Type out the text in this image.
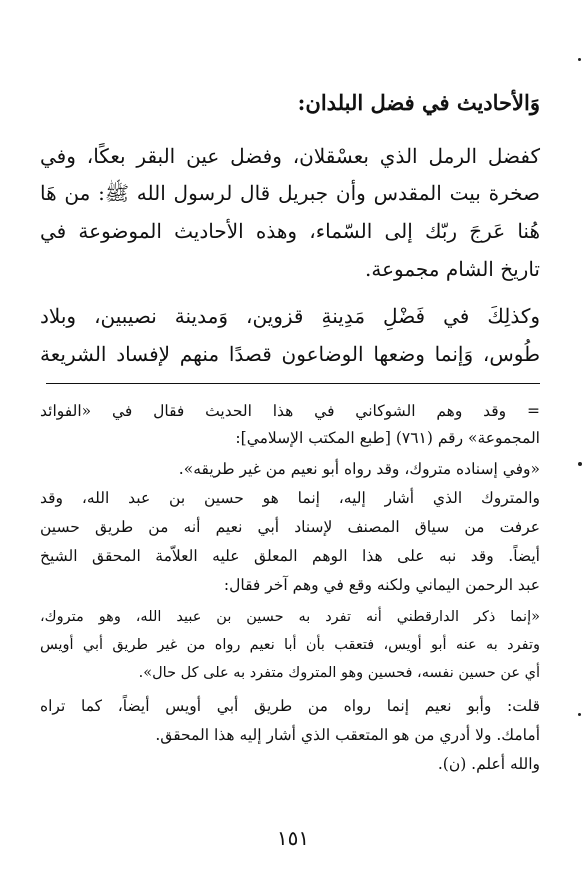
وَالأحاديث في فضل البلدان:
كفضل الرمل الذي بعسْقلان، وفضل عين البقر بعكًا، وفي
صخرة بيت المقدس وأن جبريل قال لرسول الله ﷺ: من هَا
هُنا عَرجَ ربّك إلى السّماء، وهذه الأحاديث الموضوعة في
تاريخ الشام مجموعة.
وكذلِكَ في فَضْلِ مَدِينةِ قزوين، وَمدينة نصيبين، وبلاد
طُوس، وَإنما وضعها الوضاعون قصدًا منهم لإفساد الشريعة
= وقد وهم الشوكاني في هذا الحديث فقال في «الفوائد
المجموعة» رقم (٧٦١) [طبع المكتب الإسلامي]:
«وفي إسناده متروك، وقد رواه أبو نعيم من غير طريقه».
والمتروك الذي أشار إليه، إنما هو حسين بن عبد الله، وقد
عرفت من سياق المصنف لإسناد أبي نعيم أنه من طريق حسين
أيضاً. وقد نبه على هذا الوهم المعلق عليه العلاّمة المحقق الشيخ
عبد الرحمن اليماني ولكنه وقع في وهم آخر فقال:
«إنما ذكر الدارقطني أنه تفرد به حسين بن عبيد الله، وهو متروك،
وتفرد به عنه أبو أويس، فتعقب بأن أبا نعيم رواه من غير طريق أبي أويس
أي عن حسين نفسه، فحسين وهو المتروك متفرد به على كل حال».
قلت: وأبو نعيم إنما رواه من طريق أبي أويس أيضاً، كما تراه
أمامك. ولا أدري من هو المتعقب الذي أشار إليه هذا المحقق.
والله أعلم. (ن).
١٥١
